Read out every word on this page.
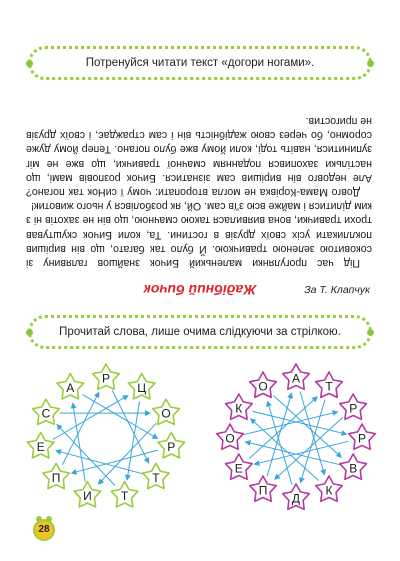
Потренуйся читати текст «догори ногами».
Жадібний бичок

Під час прогулянки маленький Бичок знайшов галявину зі соковитою зеленою травичкою. Й було так багато, що він вирішив поклликати усіх своїх друзів в гостини. Та, коли Бичок скуштував трохи травички, вона виявилася такою смачною, що він не захотів ні з ким ділитися і майже всю з'їв сам. Ой, як розболівся у нього животик!

Довго Мама-Корівка не могла второпати: чому ї сиНок так погано? Але недовго він вирішив сам зізнатися. Бичок розповів мамі, що настільки захопився поданням смачної травички, що вже не міг зупинитися, навіть тоді, коли йому вже було погано. Тепер йому дуже соромно, бо через свою жадібність він і сам страждає, і своїх друзів не пригостив.

За Т. Клапчук
Прочитай слова, лише очима слідкуючи за стрілкою.
Р
Ц
О
Р
Т
Т
И
П
Е
С
А
А
Т
Р
Р
В
К
Д
П
Е
О
К
О
28
